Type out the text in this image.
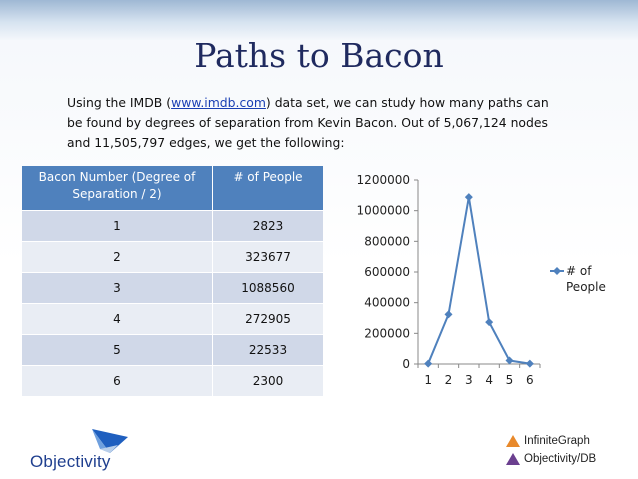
Paths to Bacon
Using the IMDB (www.imdb.com) data set, we can study how many paths can be found by degrees of separation from Kevin Bacon. Out of 5,067,124 nodes and 11,505,797 edges, we get the following:
Bacon Number (Degree of Separation / 2)	# of People
1	2823
2	323677
3	1088560
4	272905
5	22533
6	2300
0
200000
400000
600000
800000
1000000
1200000
1 2 3 4 5 6
# of
People
Objectivity
InfiniteGraph
Objectivity/DB
